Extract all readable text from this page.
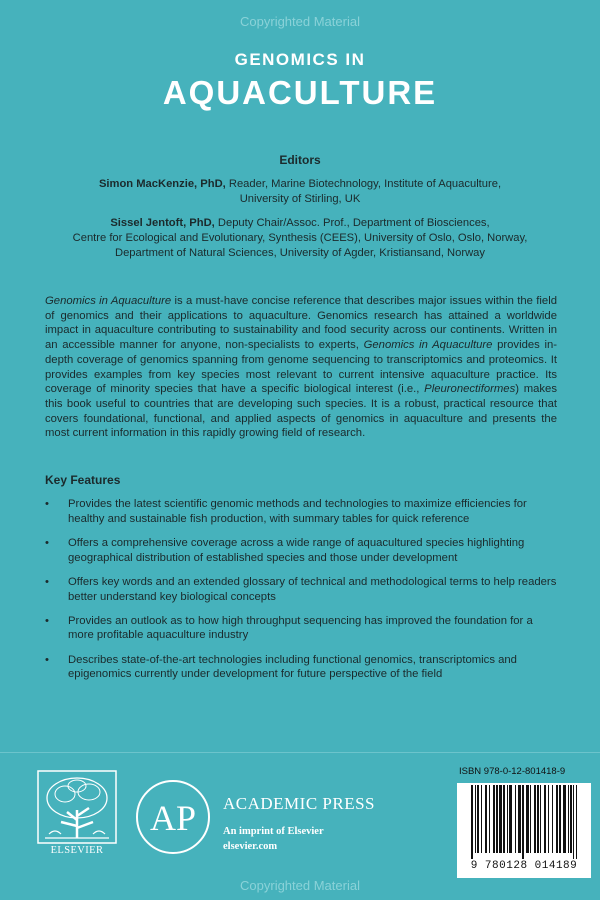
Copyrighted Material
GENOMICS IN
AQUACULTURE
Editors
Simon MacKenzie, PhD, Reader, Marine Biotechnology, Institute of Aquaculture,
University of Stirling, UK
Sissel Jentoft, PhD, Deputy Chair/Assoc. Prof., Department of Biosciences,
Centre for Ecological and Evolutionary, Synthesis (CEES), University of Oslo, Oslo, Norway,
Department of Natural Sciences, University of Agder, Kristiansand, Norway
Genomics in Aquaculture is a must-have concise reference that describes major issues within the field of genomics and their applications to aquaculture. Genomics research has attained a worldwide impact in aquaculture contributing to sustainability and food security across our continents. Written in an accessible manner for anyone, non-specialists to experts, Genomics in Aquaculture provides in-depth coverage of genomics spanning from genome sequencing to transcriptomics and proteomics. It provides examples from key species most relevant to current intensive aquaculture practice. Its coverage of minority species that have a specific biological interest (i.e., Pleuronectiformes) makes this book useful to countries that are developing such species. It is a robust, practical resource that covers foundational, functional, and applied aspects of genomics in aquaculture and presents the most current information in this rapidly growing field of research.
Key Features
• Provides the latest scientific genomic methods and technologies to maximize efficiencies for healthy and sustainable fish production, with summary tables for quick reference
• Offers a comprehensive coverage across a wide range of aquacultured species highlighting geographical distribution of established species and those under development
• Offers key words and an extended glossary of technical and methodological terms to help readers better understand key biological concepts
• Provides an outlook as to how high throughput sequencing has improved the foundation for a more profitable aquaculture industry
• Describes state-of-the-art technologies including functional genomics, transcriptomics and epigenomics currently under development for future perspective of the field
ELSEVIER
AP ACADEMIC PRESS
An imprint of Elsevier
elsevier.com
ISBN 978-0-12-801418-9
9 780128 014189
Copyrighted Material
